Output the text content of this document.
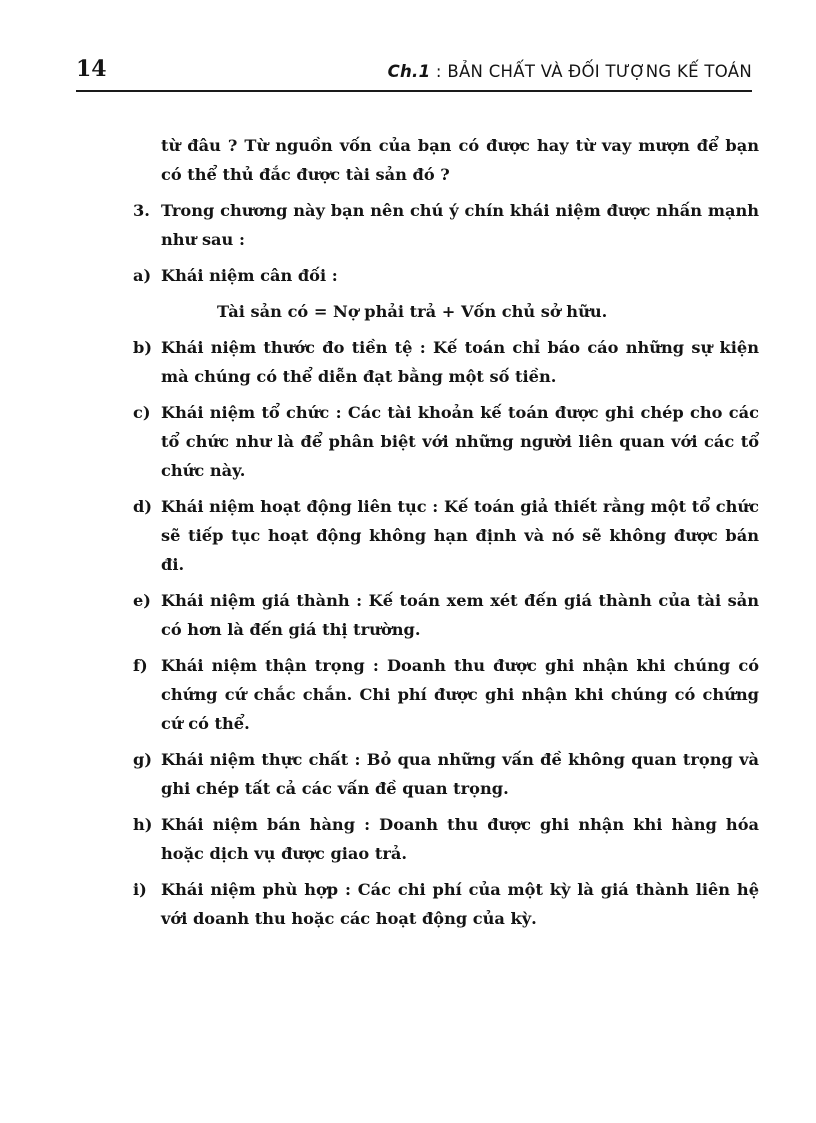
14	Ch.1 : BẢN CHẤT VÀ ĐỐI TƯỢNG KẾ TOÁN

từ đâu ? Từ nguồn vốn của bạn có được hay từ vay mượn để bạn có thể thủ đắc được tài sản đó ?

3. Trong chương này bạn nên chú ý chín khái niệm được nhấn mạnh như sau :
a) Khái niệm cân đối :
Tài sản có = Nợ phải trả + Vốn chủ sở hữu.
b) Khái niệm thước đo tiền tệ : Kế toán chỉ báo cáo những sự kiện mà chúng có thể diễn đạt bằng một số tiền.
c) Khái niệm tổ chức : Các tài khoản kế toán được ghi chép cho các tổ chức như là để phân biệt với những người liên quan với các tổ chức này.
d) Khái niệm hoạt động liên tục : Kế toán giả thiết rằng một tổ chức sẽ tiếp tục hoạt động không hạn định và nó sẽ không được bán đi.
e) Khái niệm giá thành : Kế toán xem xét đến giá thành của tài sản có hơn là đến giá thị trường.
f) Khái niệm thận trọng : Doanh thu được ghi nhận khi chúng có chứng cứ chắc chắn. Chi phí được ghi nhận khi chúng có chứng cứ có thể.
g) Khái niệm thực chất : Bỏ qua những vấn đề không quan trọng và ghi chép tất cả các vấn đề quan trọng.
h) Khái niệm bán hàng : Doanh thu được ghi nhận khi hàng hóa hoặc dịch vụ được giao trả.
i) Khái niệm phù hợp : Các chi phí của một kỳ là giá thành liên hệ với doanh thu hoặc các hoạt động của kỳ.
